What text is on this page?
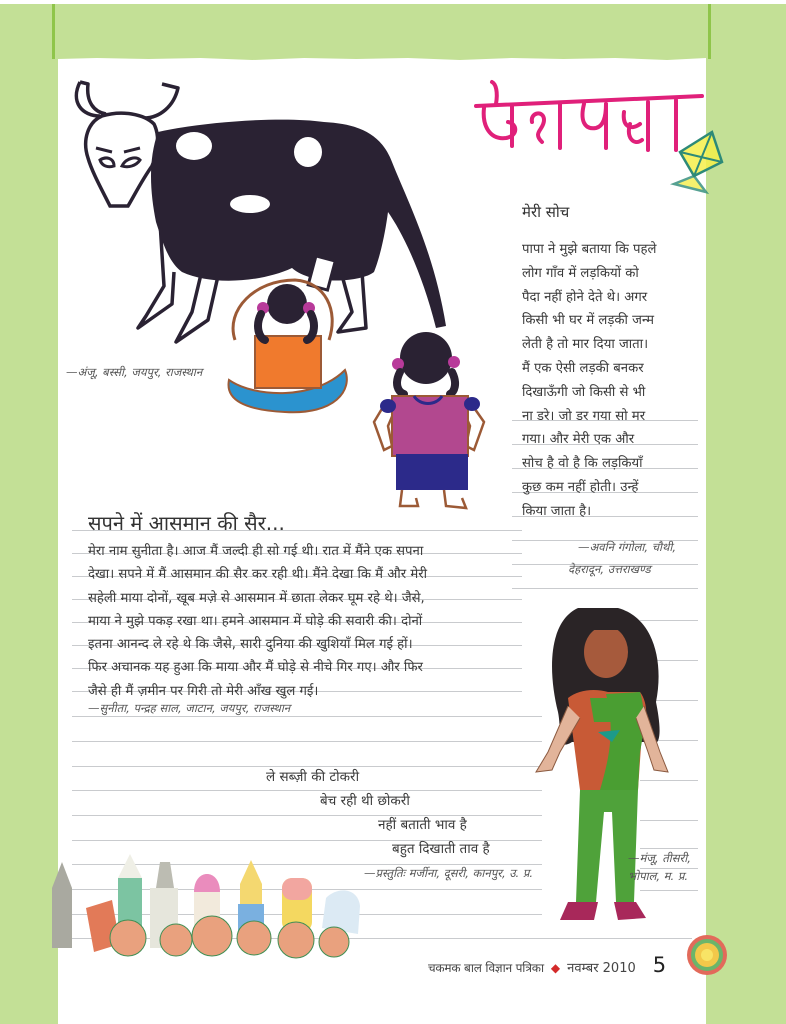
—अंजू, बस्सी, जयपुर, राजस्थान
मेरी सोच
पापा ने मुझे बताया कि पहले
लोग गाँव में लड़कियों को
पैदा नहीं होने देते थे। अगर
किसी भी घर में लड़की जन्म
लेती है तो मार दिया जाता।
मैं एक ऐसी लड़की बनकर
दिखाऊँगी जो किसी से भी
ना डरे। जो डर गया सो मर
गया। और मेरी एक और
सोच है वो है कि लड़कियाँ
कुछ कम नहीं होती। उन्हें
किया जाता है।
—अवनि गंगोला, चौथी,
देहरादून, उत्तराखण्ड
सपने में आसमान की सैर...
मेरा नाम सुनीता है। आज मैं जल्दी ही सो गई थी। रात में मैंने एक सपना
देखा। सपने में मैं आसमान की सैर कर रही थी। मैंने देखा कि मैं और मेरी
सहेली माया दोनों, खूब मज़े से आसमान में छाता लेकर घूम रहे थे। जैसे,
माया ने मुझे पकड़ रखा था। हमने आसमान में घोड़े की सवारी की। दोनों
इतना आनन्द ले रहे थे कि जैसे, सारी दुनिया की खुशियाँ मिल गई हों।
फिर अचानक यह हुआ कि माया और मैं घोड़े से नीचे गिर गए। और फिर
जैसे ही मैं ज़मीन पर गिरी तो मेरी आँख खुल गई।
—सुनीता, पन्द्रह साल, जाटान, जयपुर, राजस्थान
ले सब्ज़ी की टोकरी
बेच रही थी छोकरी
नहीं बताती भाव है
बहुत दिखाती ताव है
—प्रस्तुतिः मर्जीना, दूसरी, कानपुर, उ. प्र.
—मंजू, तीसरी,
भोपाल, म. प्र.
चकमक बाल विज्ञान पत्रिका ◆ नवम्बर 2010 5
